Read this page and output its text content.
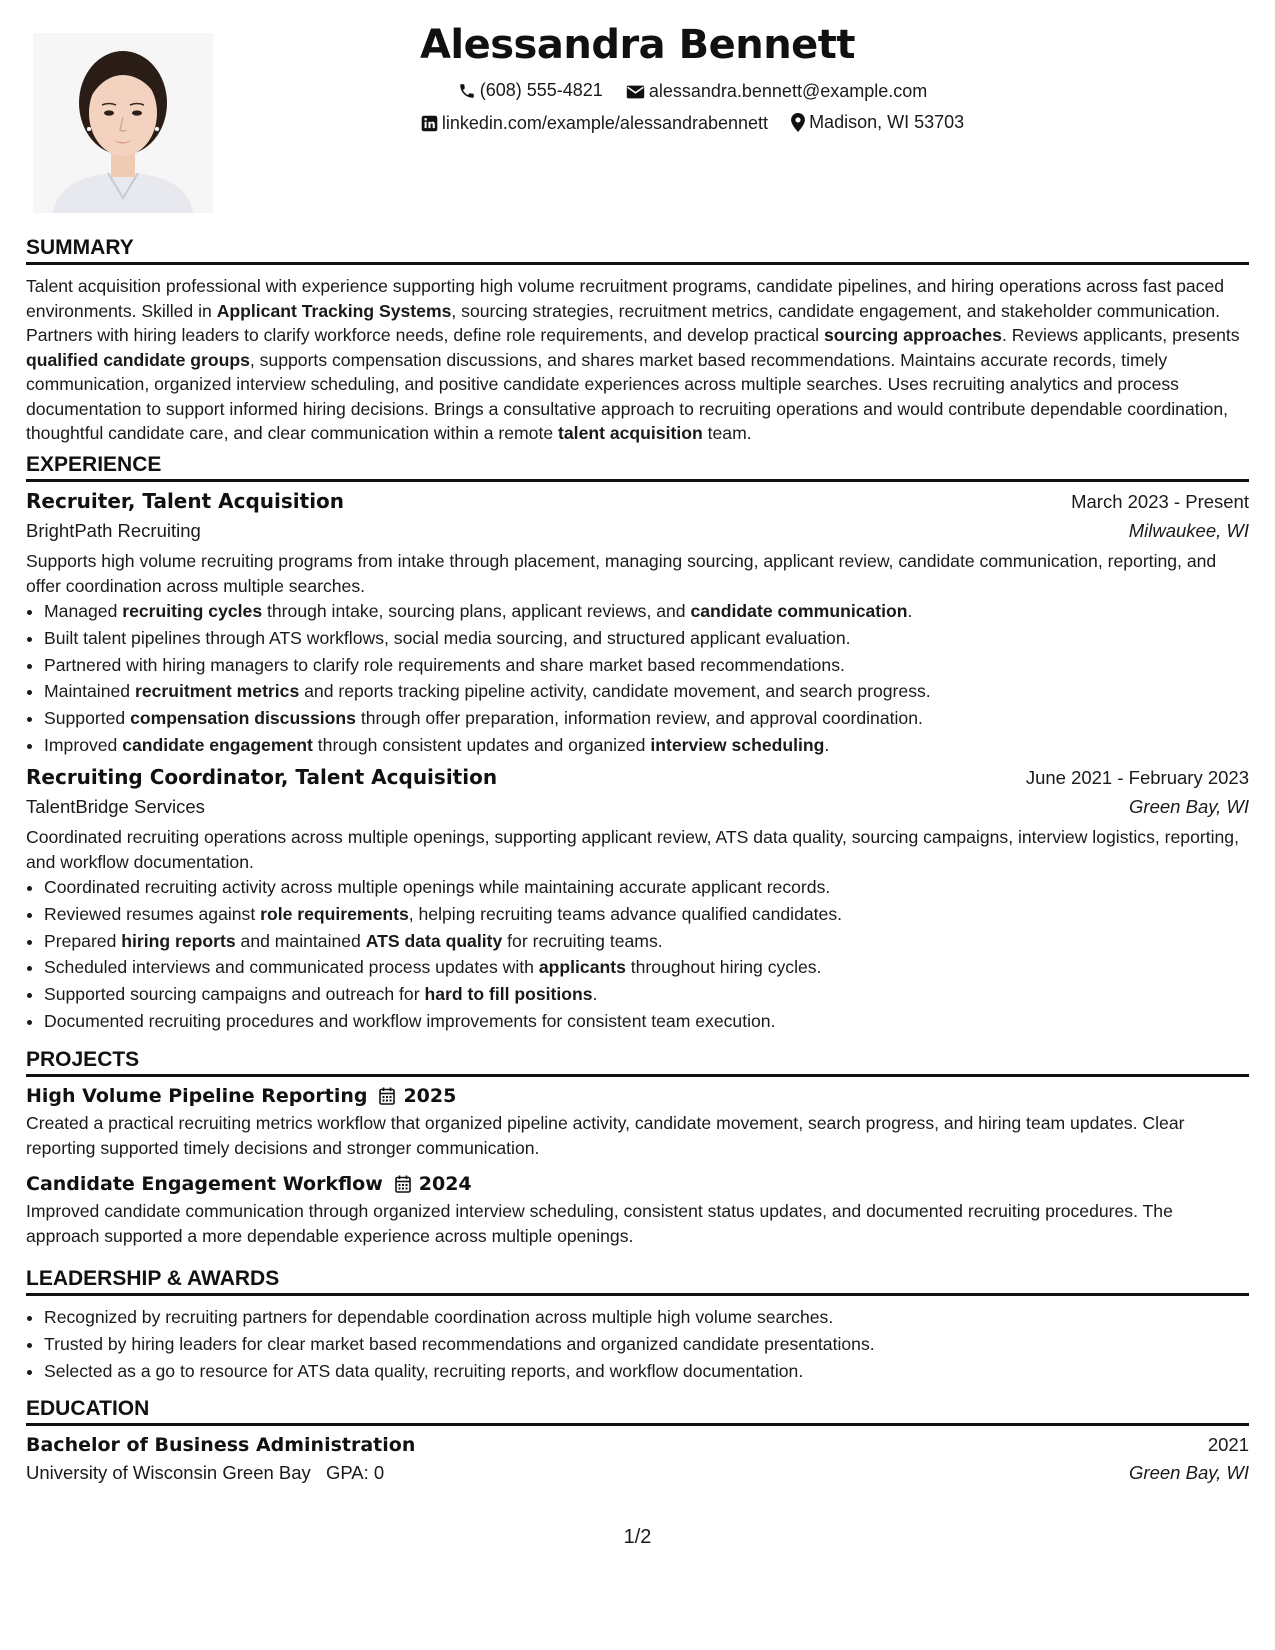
Alessandra Bennett
(608) 555-4821
	alessandra.bennett@example.com
linkedin.com/example/alessandrabennett
Madison, WI 53703
SUMMARY

Talent acquisition professional with experience supporting high volume recruitment programs, candidate pipelines, and hiring operations across fast paced environments. Skilled in Applicant Tracking Systems, sourcing strategies, recruitment metrics, candidate engagement, and stakeholder communication. Partners with hiring leaders to clarify workforce needs, define role requirements, and develop practical sourcing approaches. Reviews applicants, presents qualified candidate groups, supports compensation discussions, and shares market based recommendations. Maintains accurate records, timely communication, organized interview scheduling, and positive candidate experiences across multiple searches. Uses recruiting analytics and process documentation to support informed hiring decisions. Brings a consultative approach to recruiting operations and would contribute dependable coordination, thoughtful candidate care, and clear communication within a remote talent acquisition team.

EXPERIENCE
Recruiter, Talent Acquisition	March 2023 - Present
BrightPath Recruiting	Milwaukee, WI

Supports high volume recruiting programs from intake through placement, managing sourcing, applicant review, candidate communication, reporting, and offer coordination across multiple searches.

• Managed recruiting cycles through intake, sourcing plans, applicant reviews, and candidate communication.
• Built talent pipelines through ATS workflows, social media sourcing, and structured applicant evaluation.
• Partnered with hiring managers to clarify role requirements and share market based recommendations.
• Maintained recruitment metrics and reports tracking pipeline activity, candidate movement, and search progress.
• Supported compensation discussions through offer preparation, information review, and approval coordination.
• Improved candidate engagement through consistent updates and organized interview scheduling.
Recruiting Coordinator, Talent Acquisition	June 2021 - February 2023
TalentBridge Services	Green Bay, WI

Coordinated recruiting operations across multiple openings, supporting applicant review, ATS data quality, sourcing campaigns, interview logistics, reporting, and workflow documentation.

• Coordinated recruiting activity across multiple openings while maintaining accurate applicant records.
• Reviewed resumes against role requirements, helping recruiting teams advance qualified candidates.
• Prepared hiring reports and maintained ATS data quality for recruiting teams.
• Scheduled interviews and communicated process updates with applicants throughout hiring cycles.
• Supported sourcing campaigns and outreach for hard to fill positions.
• Documented recruiting procedures and workflow improvements for consistent team execution.
PROJECTS
High Volume Pipeline Reporting 2025

Created a practical recruiting metrics workflow that organized pipeline activity, candidate movement, search progress, and hiring team updates. Clear reporting supported timely decisions and stronger communication.

Candidate Engagement Workflow 2024

Improved candidate communication through organized interview scheduling, consistent status updates, and documented recruiting procedures. The approach supported a more dependable experience across multiple openings.

LEADERSHIP & AWARDS
• Recognized by recruiting partners for dependable coordination across multiple high volume searches.
• Trusted by hiring leaders for clear market based recommendations and organized candidate presentations.
• Selected as a go to resource for ATS data quality, recruiting reports, and workflow documentation.
EDUCATION
Bachelor of Business Administration	2021
University of Wisconsin Green Bay GPA: 0	Green Bay, WI
1/2
